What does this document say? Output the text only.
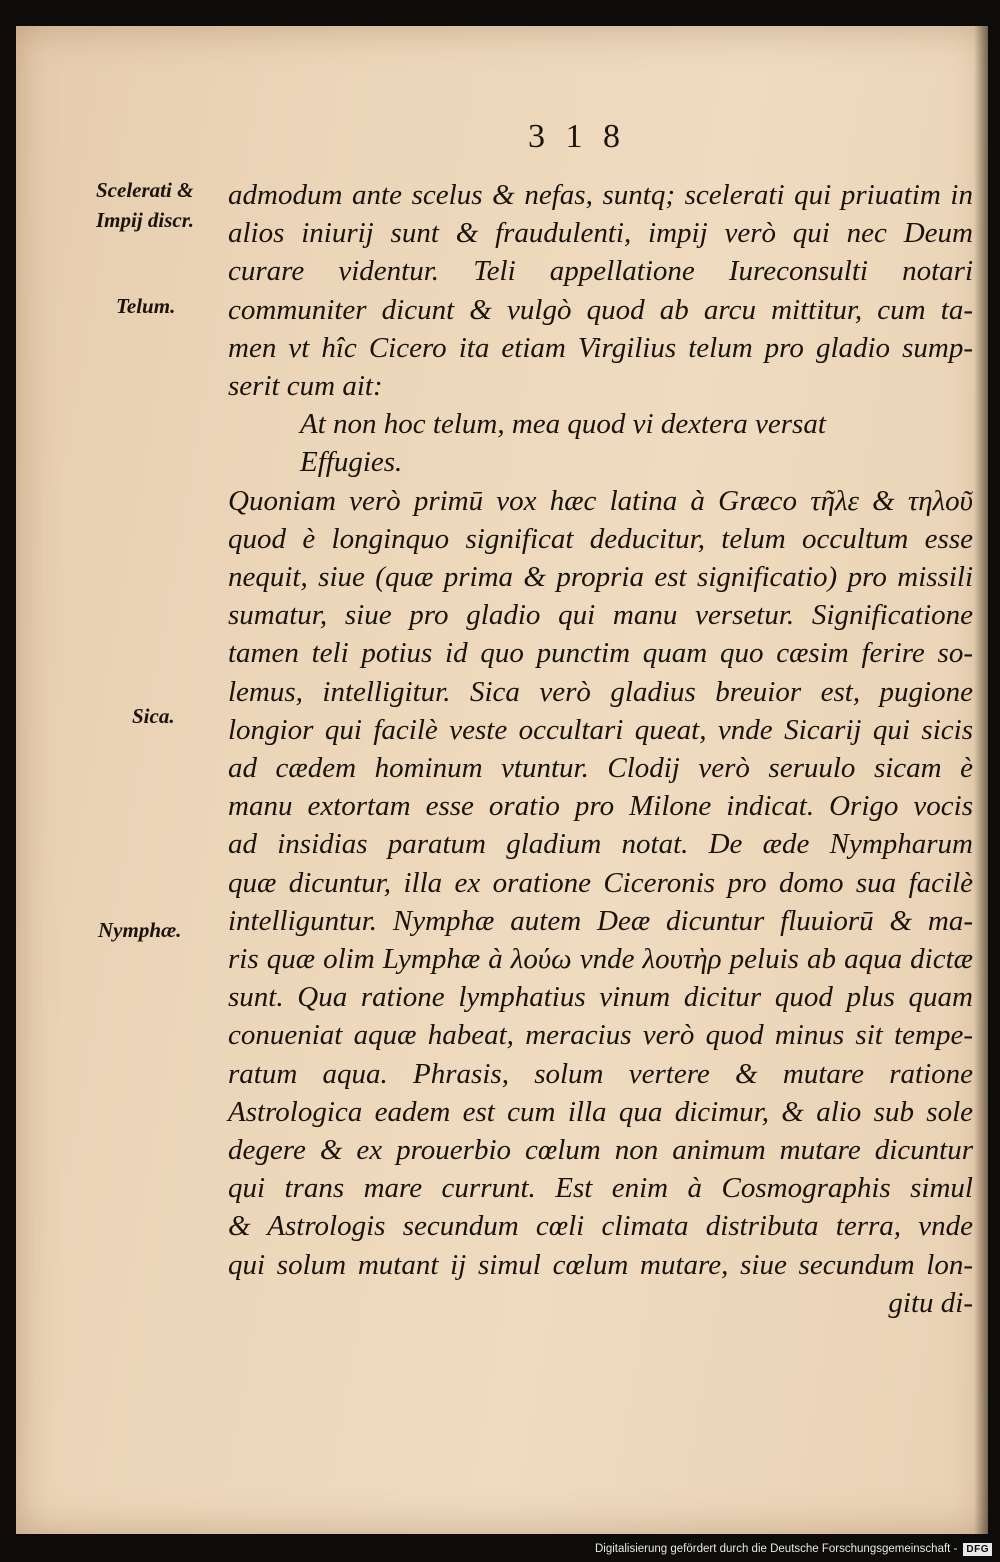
3 1 8
Scelerati &
Impij discr.
Telum.
Sica.
Nymphæ.
admodum ante scelus & nefas, suntq; scelerati qui priuatim in
alios iniurij sunt & fraudulenti, impij verò qui nec Deum
curare videntur. Teli appellatione Iureconsulti notari
communiter dicunt & vulgò quod ab arcu mittitur, cum ta-
men vt hîc Cicero ita etiam Virgilius telum pro gladio sump-
serit cum ait:
At non hoc telum, mea quod vi dextera versat
Effugies.
Quoniam verò primū vox hæc latina à Græco τῆλε & τηλοῦ
quod è longinquo significat deducitur, telum occultum esse
nequit, siue (quæ prima & propria est significatio) pro missili
sumatur, siue pro gladio qui manu versetur. Significatione
tamen teli potius id quo punctim quam quo cæsim ferire so-
lemus, intelligitur. Sica verò gladius breuior est, pugione
longior qui facilè veste occultari queat, vnde Sicarij qui sicis
ad cædem hominum vtuntur. Clodij verò seruulo sicam è
manu extortam esse oratio pro Milone indicat. Origo vocis
ad insidias paratum gladium notat. De æde Nympharum
quæ dicuntur, illa ex oratione Ciceronis pro domo sua facilè
intelliguntur. Nymphæ autem Deæ dicuntur fluuiorū & ma-
ris quæ olim Lymphæ à λούω vnde λουτὴρ peluis ab aqua dictæ
sunt. Qua ratione lymphatius vinum dicitur quod plus quam
conueniat aquæ habeat, meracius verò quod minus sit tempe-
ratum aqua. Phrasis, solum vertere & mutare ratione
Astrologica eadem est cum illa qua dicimur, & alio sub sole
degere & ex prouerbio cœlum non animum mutare dicuntur
qui trans mare currunt. Est enim à Cosmographis simul
& Astrologis secundum cœli climata distributa terra, vnde
qui solum mutant ij simul cœlum mutare, siue secundum lon-
gitu di-
Digitalisierung gefördert durch die Deutsche Forschungsgemeinschaft - DFG
